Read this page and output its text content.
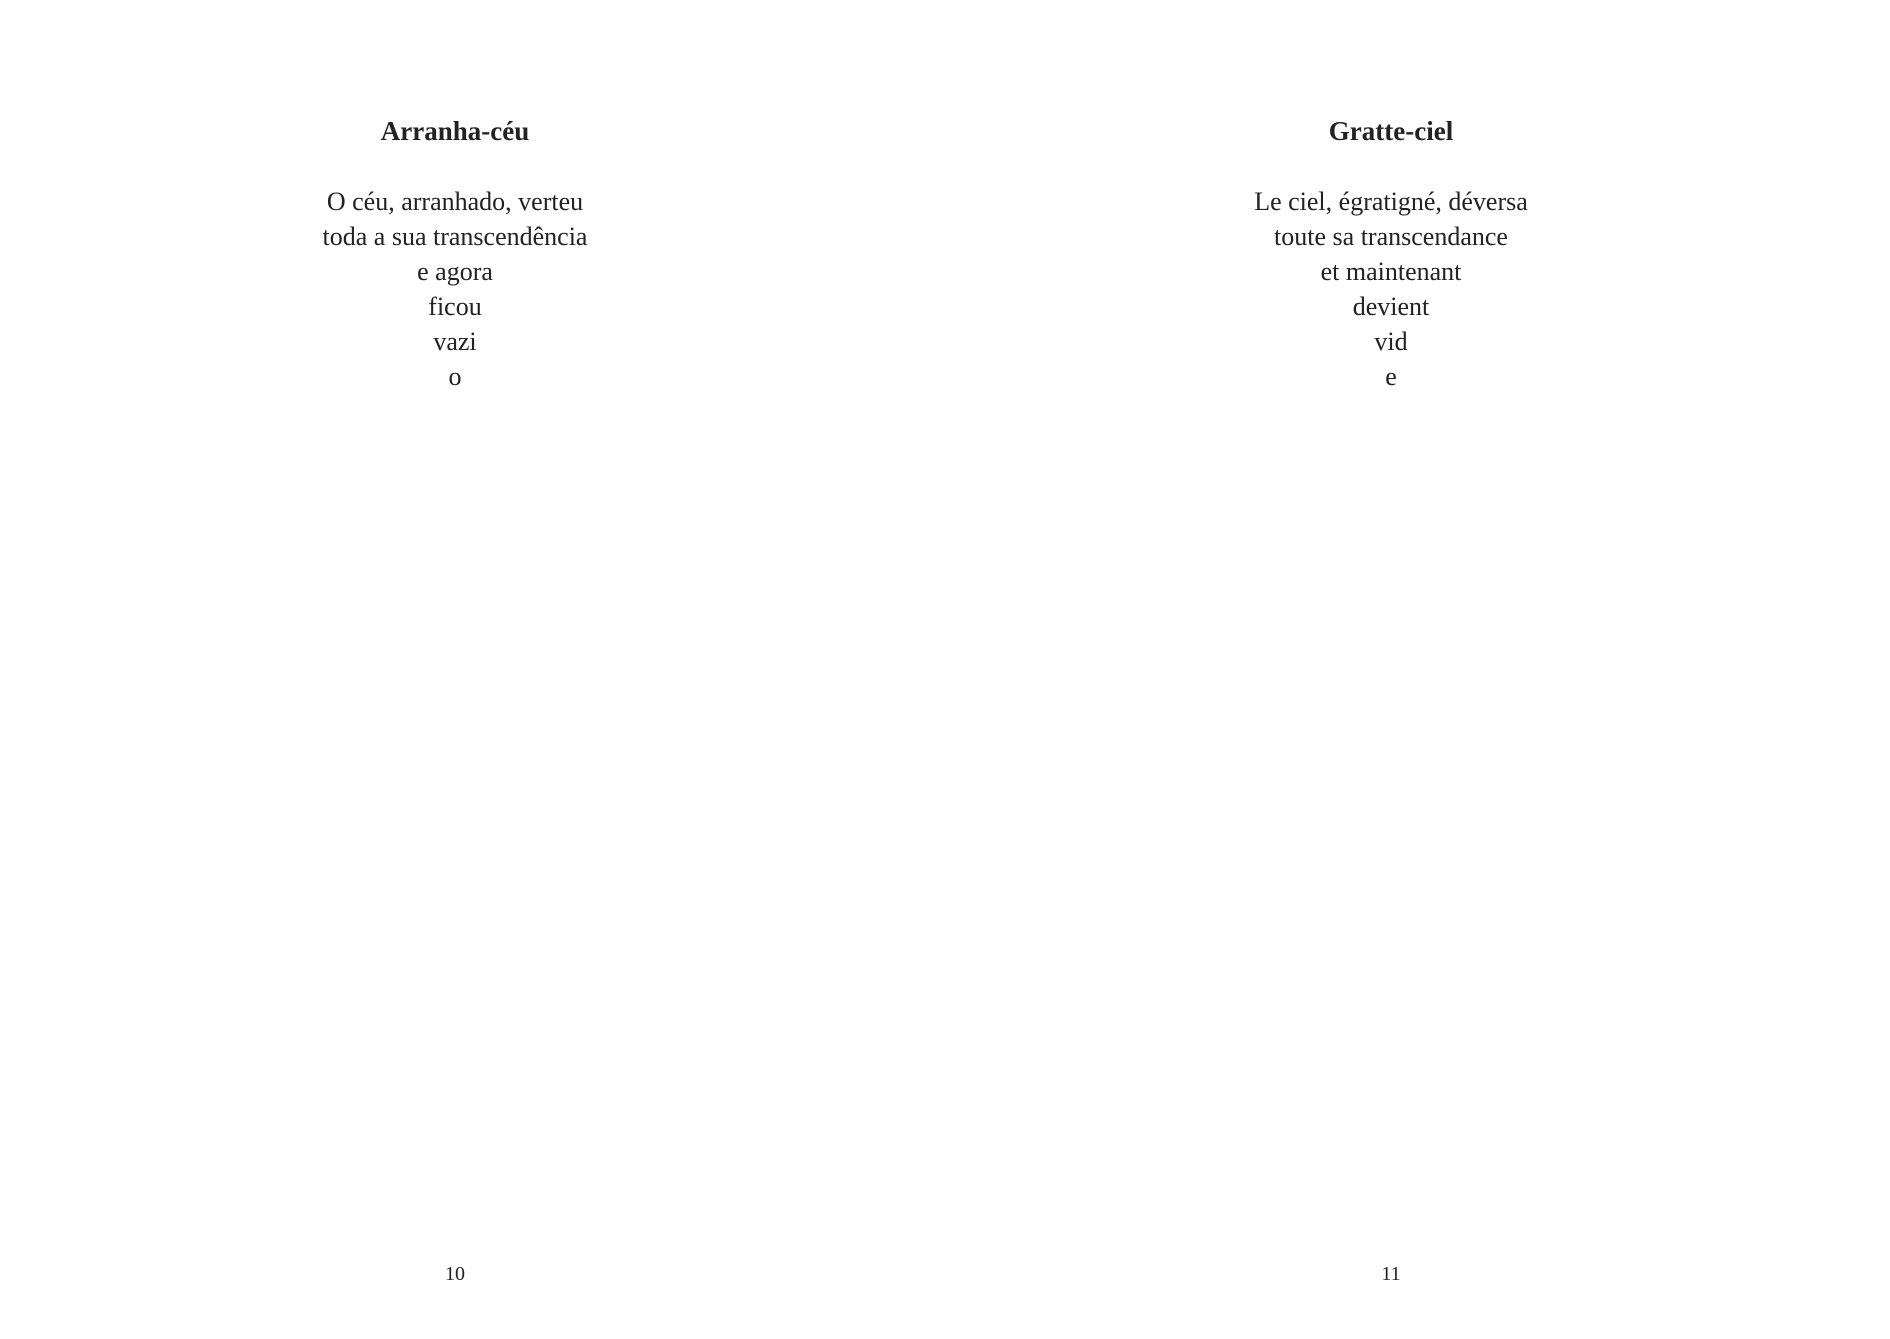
Arranha-céu
O céu, arranhado, verteu
toda a sua transcendência
e agora
ficou
vazi
o
10
Gratte-ciel
Le ciel, égratigné, déversa
toute sa transcendance
et maintenant
devient
vid
e
11
